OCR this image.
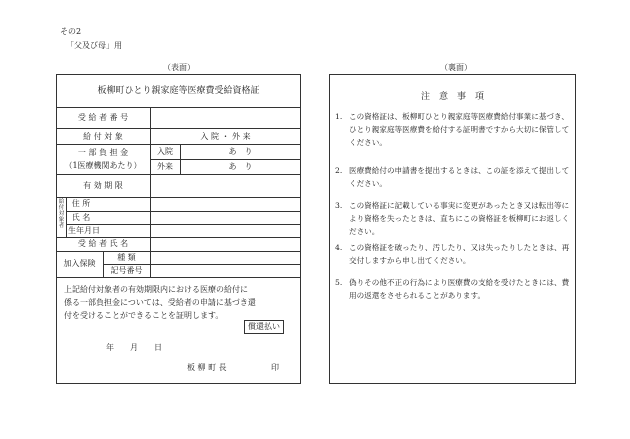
その2
「父及び母」用
（表面）	（裏面）
板柳町ひとり親家庭等医療費受給資格証
受 給 者 番 号
給 付 対 象	入 院 ・ 外 来
一 部 負 担 金
（1医療機関あたり）
入院	あ　り
外来	あ　り
有 効 期 限
給付対象者
住 所
氏 名
生年月日
受 給 者 氏 名
加入保険
種 類
記号番号
上記給付対象者の有効期限内における医療の給付に
係る一部負担金については、受給者の申請に基づき還
付を受けることができることを証明します。
償還払い
年　　月　　日
板 柳 町 長	印
注　意　事　項
1. この資格証は、板柳町ひとり親家庭等医療費給付事業に基づき、ひとり親家庭等医療費を給付する証明書ですから大切に保管してください。
2. 医療費給付の申請書を提出するときは、この証を添えて提出してください。
3. この資格証に記載している事実に変更があったとき又は転出等により資格を失ったときは、直ちにこの資格証を板柳町にお返しください。
4. この資格証を破ったり、汚したり、又は失ったりしたときは、再交付しますから申し出てください。
5. 偽りその他不正の行為により医療費の支給を受けたときには、費用の返還をさせられることがあります。
